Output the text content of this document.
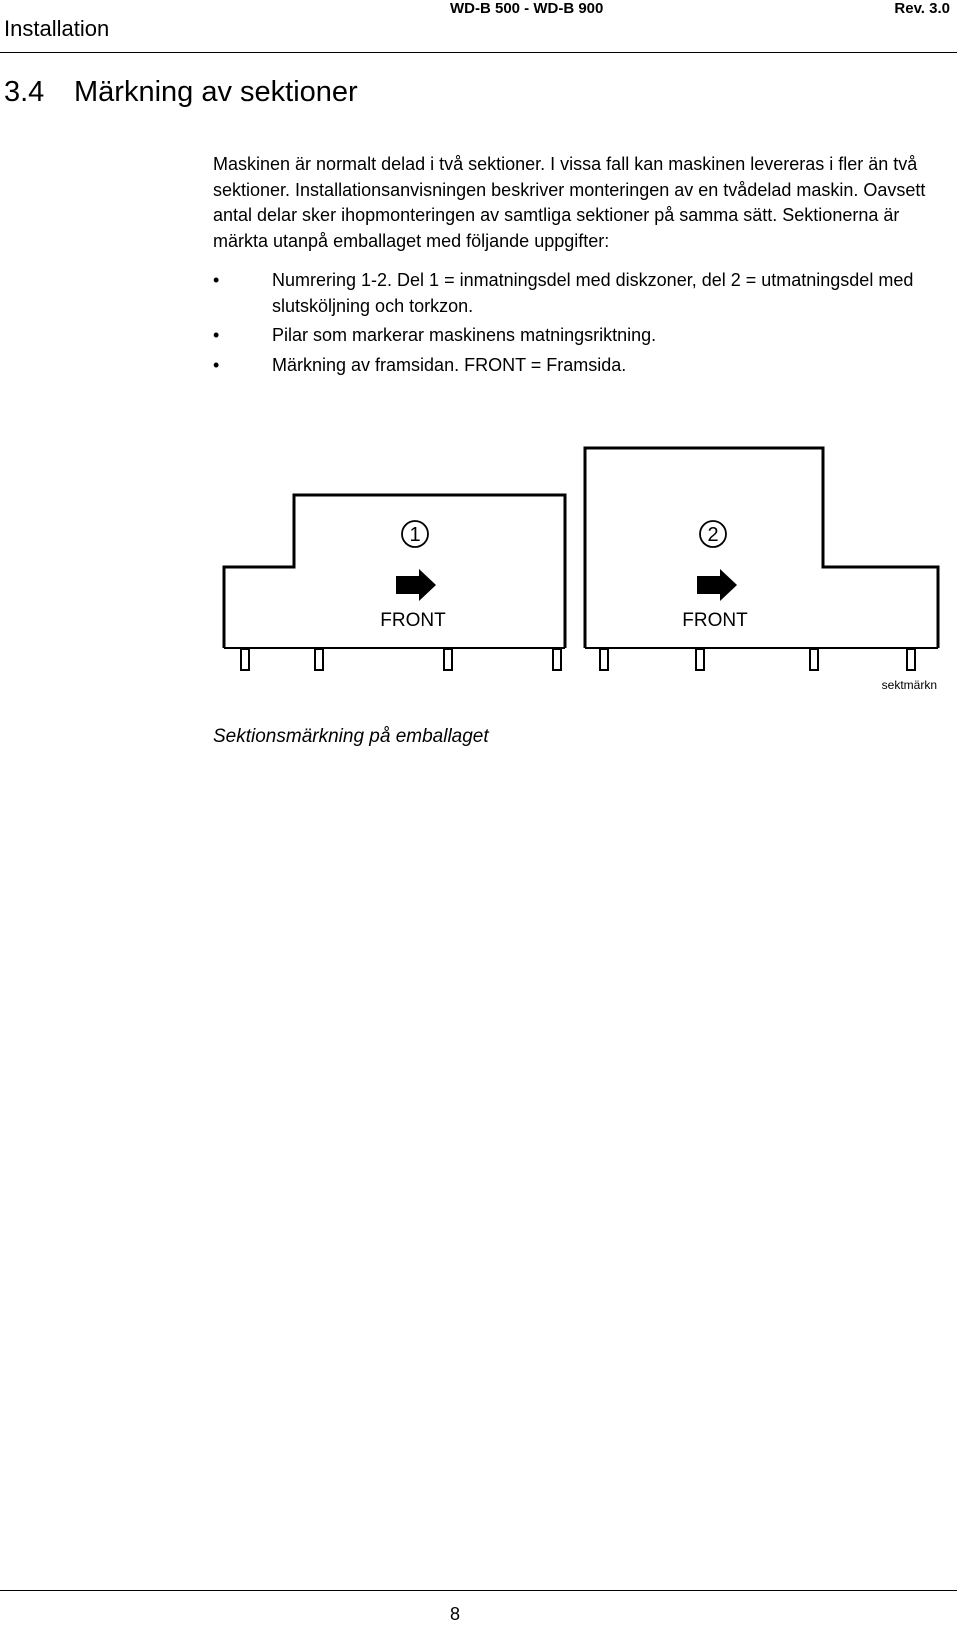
Installation
WD-B 500 - WD-B 900	Rev. 3.0
3.4 Märkning av sektioner

Maskinen är normalt delad i två sektioner. I vissa fall kan maskinen levereras i fler än två sektioner. Installationsanvisningen beskriver monteringen av en tvådelad maskin. Oavsett antal delar sker ihopmonteringen av samtliga sektioner på samma sätt. Sektionerna är märkta utanpå emballaget med följande uppgifter:

•	Numrering 1-2. Del 1 = inmatningsdel med diskzoner, del 2 = utmatningsdel med slutsköljning och torkzon.
•	Pilar som markerar maskinens matningsriktning.
•	Märkning av framsidan. FRONT = Framsida.
1	2
FRONT	FRONT
sektmärkn
Sektionsmärkning på emballaget
8
